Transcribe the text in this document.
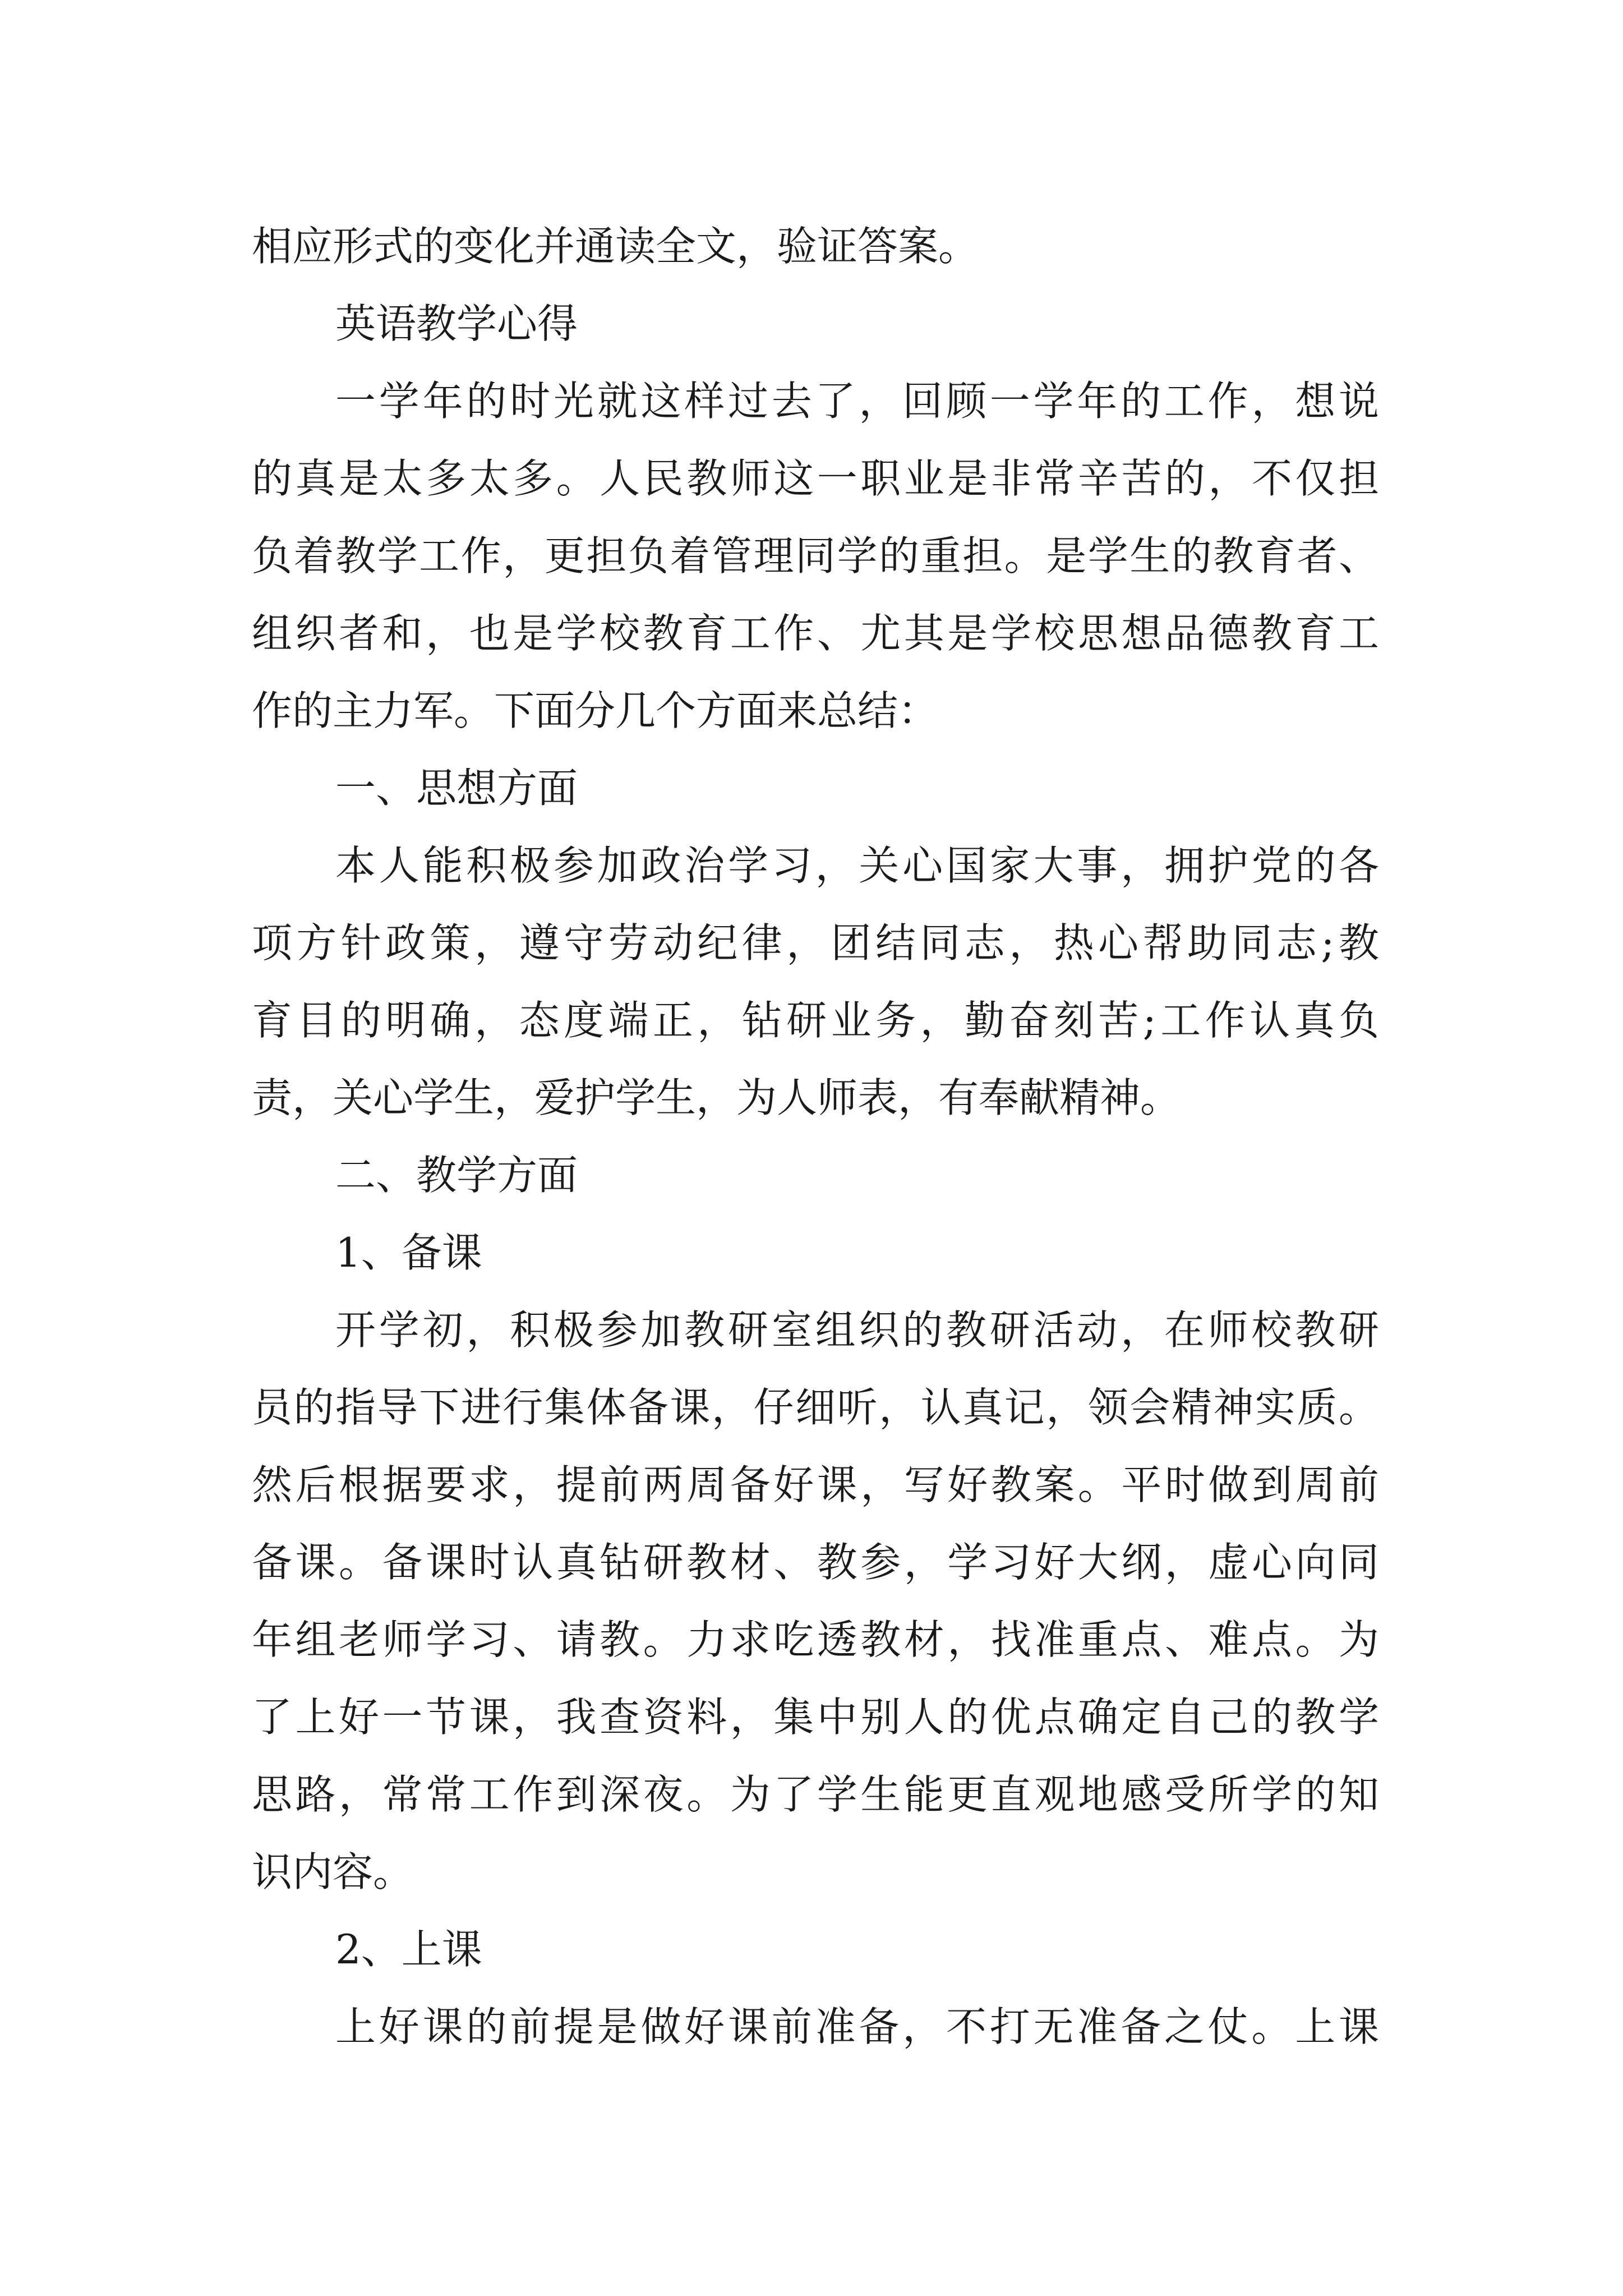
相应形式的变化并通读全文，验证答案。
英语教学心得
一学年的时光就这样过去了，回顾一学年的工作，想说
的真是太多太多。人民教师这一职业是非常辛苦的，不仅担
负着教学工作，更担负着管理同学的重担。是学生的教育者、
组织者和，也是学校教育工作、尤其是学校思想品德教育工
作的主力军。下面分几个方面来总结：
一、思想方面
本人能积极参加政治学习，关心国家大事，拥护党的各
项方针政策，遵守劳动纪律，团结同志，热心帮助同志;教
育目的明确，态度端正，钻研业务，勤奋刻苦;工作认真负
责，关心学生，爱护学生，为人师表，有奉献精神。
二、教学方面
1、备课
开学初，积极参加教研室组织的教研活动，在师校教研
员的指导下进行集体备课，仔细听，认真记，领会精神实质。
然后根据要求，提前两周备好课，写好教案。平时做到周前
备课。备课时认真钻研教材、教参，学习好大纲，虚心向同
年组老师学习、请教。力求吃透教材，找准重点、难点。为
了上好一节课，我查资料，集中别人的优点确定自己的教学
思路，常常工作到深夜。为了学生能更直观地感受所学的知
识内容。
2、上课
上好课的前提是做好课前准备，不打无准备之仗。上课
